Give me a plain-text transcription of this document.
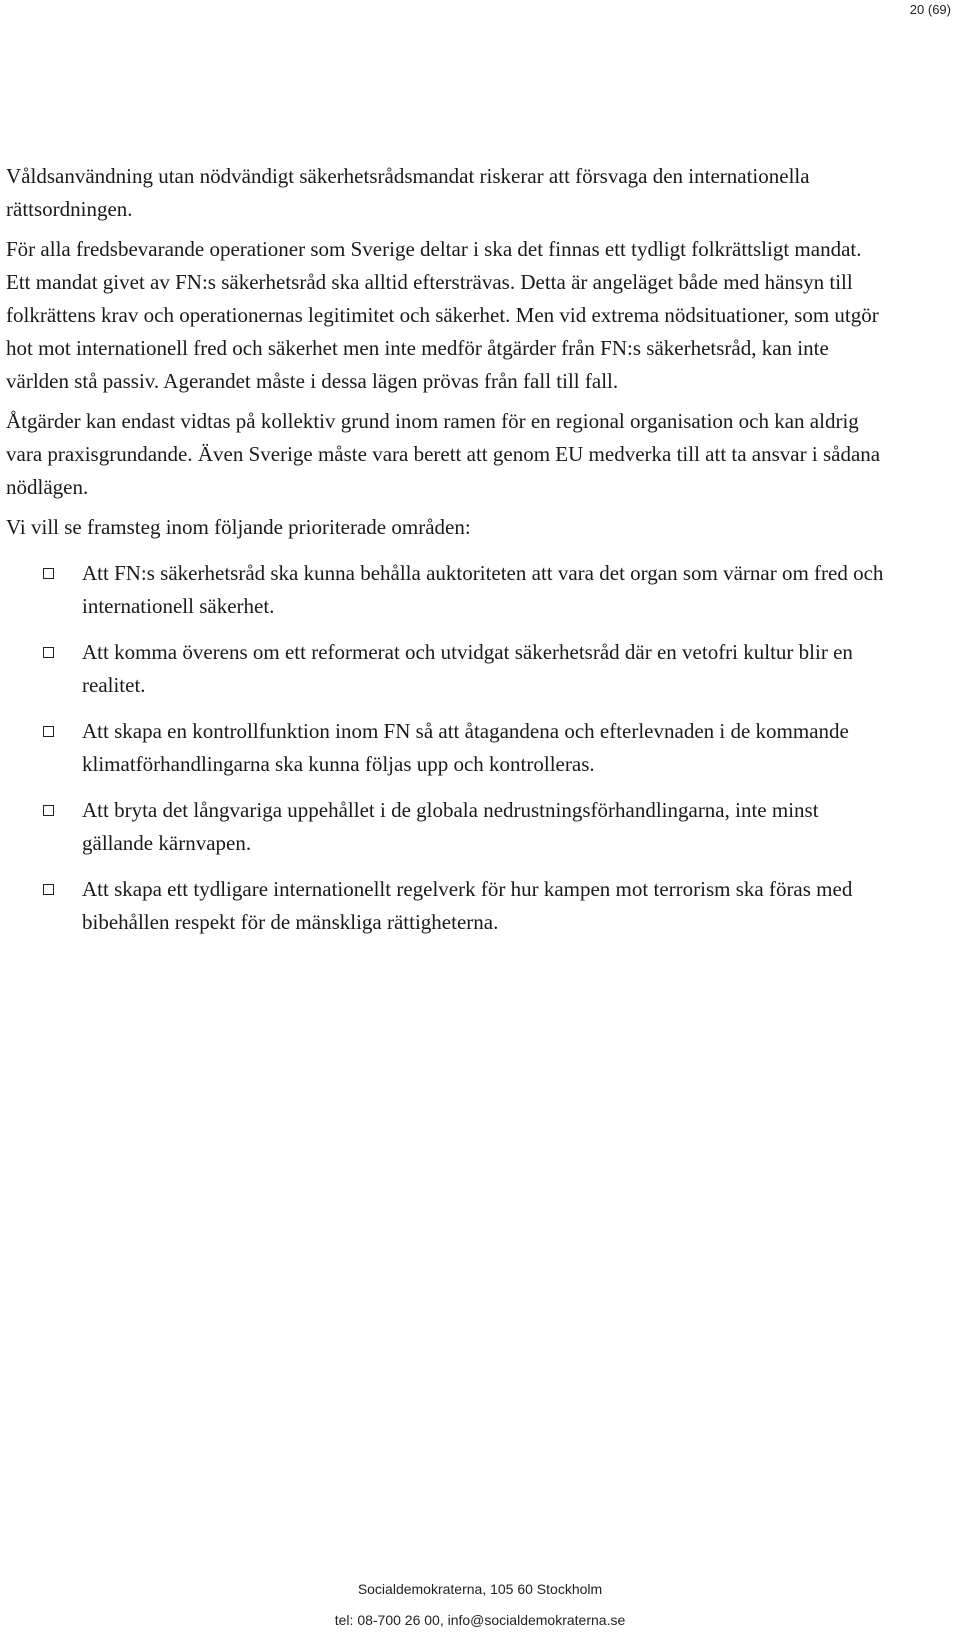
20 (69)

Våldsanvändning utan nödvändigt säkerhetsrådsmandat riskerar att försvaga den internationella rättsordningen.

För alla fredsbevarande operationer som Sverige deltar i ska det finnas ett tydligt folkrättsligt mandat. Ett mandat givet av FN:s säkerhetsråd ska alltid eftersträvas. Detta är angeläget både med hänsyn till folkrättens krav och operationernas legitimitet och säkerhet. Men vid extrema nödsituationer, som utgör hot mot internationell fred och säkerhet men inte medför åtgärder från FN:s säkerhetsråd, kan inte världen stå passiv. Agerandet måste i dessa lägen prövas från fall till fall.

Åtgärder kan endast vidtas på kollektiv grund inom ramen för en regional organisation och kan aldrig vara praxisgrundande. Även Sverige måste vara berett att genom EU medverka till att ta ansvar i sådana nödlägen.

Vi vill se framsteg inom följande prioriterade områden:

Att FN:s säkerhetsråd ska kunna behålla auktoriteten att vara det organ som värnar om fred och internationell säkerhet.
Att komma överens om ett reformerat och utvidgat säkerhetsråd där en vetofri kultur blir en realitet.
Att skapa en kontrollfunktion inom FN så att åtagandena och efterlevnaden i de kommande klimatförhandlingarna ska kunna följas upp och kontrolleras.
Att bryta det långvariga uppehållet i de globala nedrustningsförhandlingarna, inte minst gällande kärnvapen.
Att skapa ett tydligare internationellt regelverk för hur kampen mot terrorism ska föras med bibehållen respekt för de mänskliga rättigheterna.
Socialdemokraterna, 105 60 Stockholm
tel: 08-700 26 00, info@socialdemokraterna.se
